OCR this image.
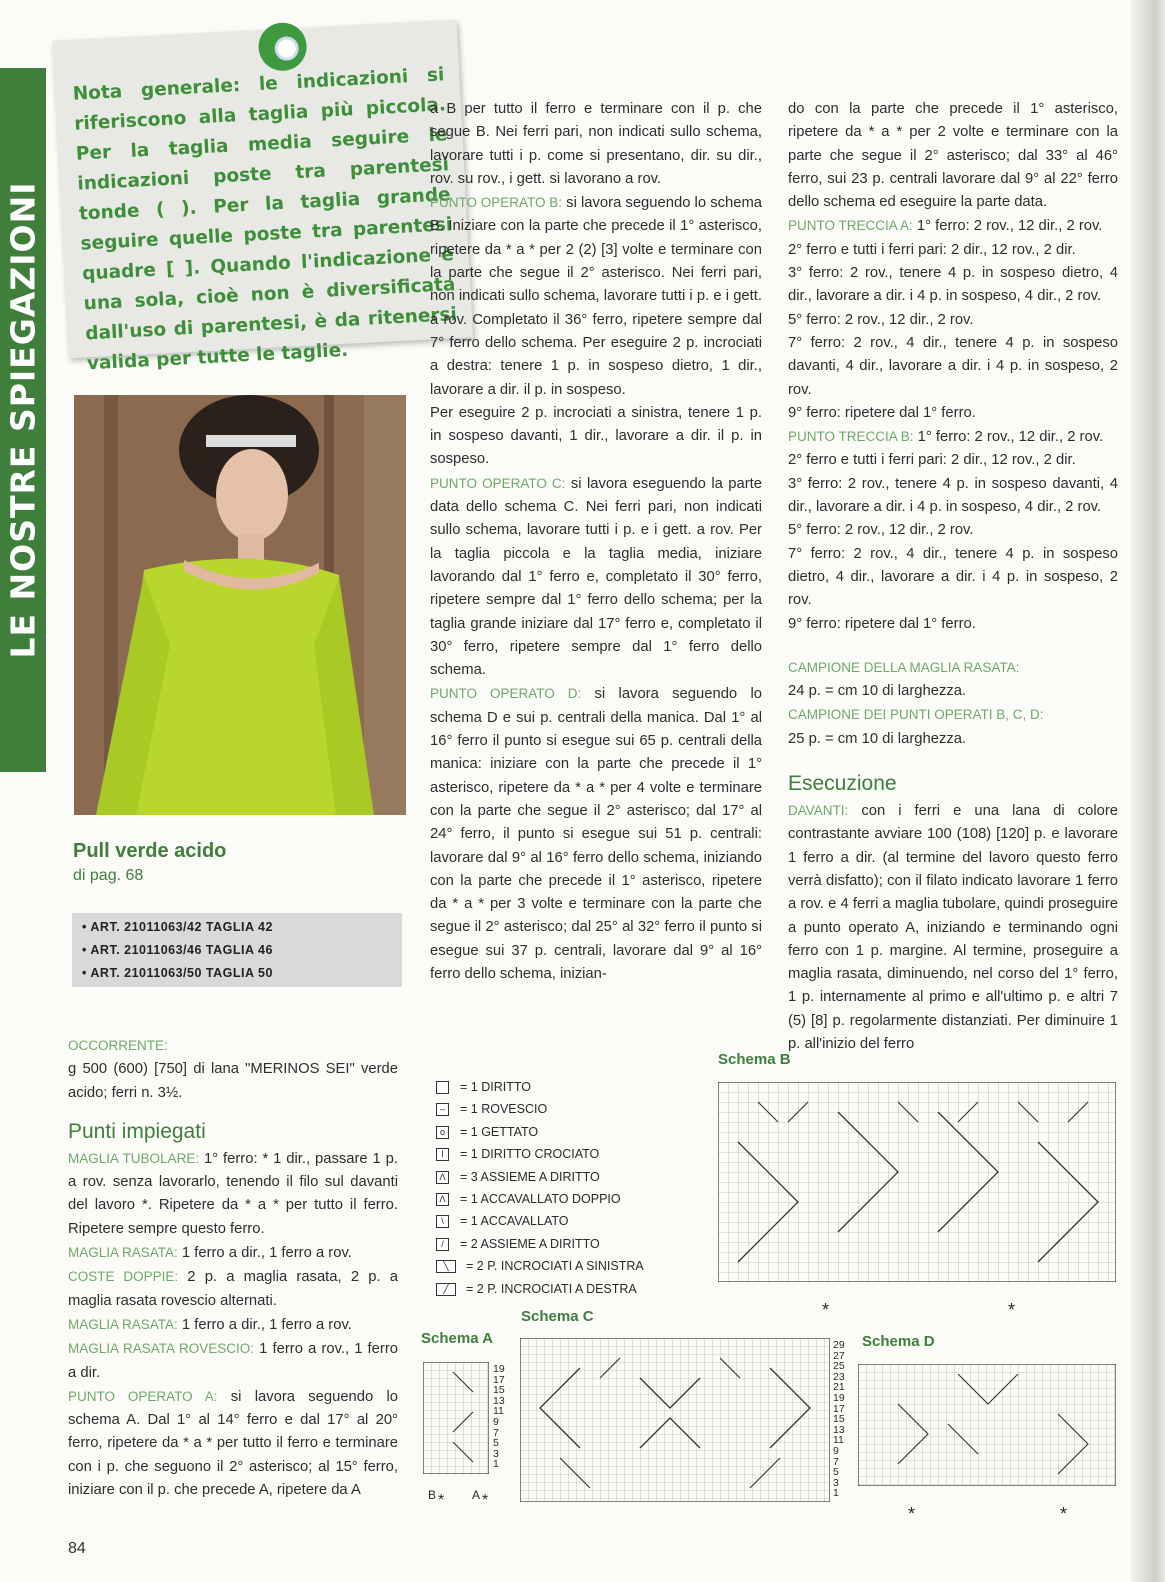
LE NOSTRE SPIEGAZIONI
Nota generale: le indicazioni si riferiscono alla taglia più piccola. Per la taglia media seguire le indicazioni poste tra parentesi tonde ( ). Per la taglia grande seguire quelle poste tra parentesi quadre [ ]. Quando l'indicazione è una sola, cioè non è diversificata dall'uso di parentesi, è da ritenersi valida per tutte le taglie.
Pull verde acido
di pag. 68
• ART. 21011063/42 TAGLIA 42
• ART. 21011063/46 TAGLIA 46
• ART. 21011063/50 TAGLIA 50

OCCORRENTE:

g 500 (600) [750] di lana "MERINOS SEI" verde acido; ferri n. 3½.

Punti impiegati

MAGLIA TUBOLARE: 1° ferro: * 1 dir., passare 1 p. a rov. senza lavorarlo, tenendo il filo sul davanti del lavoro *. Ripetere da * a * per tutto il ferro. Ripetere sempre questo ferro.

MAGLIA RASATA: 1 ferro a dir., 1 ferro a rov.

COSTE DOPPIE: 2 p. a maglia rasata, 2 p. a maglia rasata rovescio alternati.

MAGLIA RASATA: 1 ferro a dir., 1 ferro a rov.

MAGLIA RASATA ROVESCIO: 1 ferro a rov., 1 ferro a dir.

PUNTO OPERATO A: si lavora seguendo lo schema A. Dal 1° al 14° ferro e dal 17° al 20° ferro, ripetere da * a * per tutto il ferro e terminare con i p. che seguono il 2° asterisco; al 15° ferro, iniziare con il p. che precede A, ripetere da A

a B per tutto il ferro e terminare con il p. che segue B. Nei ferri pari, non indicati sullo schema, lavorare tutti i p. come si presentano, dir. su dir., rov. su rov., i gett. si lavorano a rov.

PUNTO OPERATO B: si lavora seguendo lo schema B. Iniziare con la parte che precede il 1° asterisco, ripetere da * a * per 2 (2) [3] volte e terminare con la parte che segue il 2° asterisco. Nei ferri pari, non indicati sullo schema, lavorare tutti i p. e i gett. a rov. Completato il 36° ferro, ripetere sempre dal 7° ferro dello schema. Per eseguire 2 p. incrociati a destra: tenere 1 p. in sospeso dietro, 1 dir., lavorare a dir. il p. in sospeso.

Per eseguire 2 p. incrociati a sinistra, tenere 1 p. in sospeso davanti, 1 dir., lavorare a dir. il p. in sospeso.

PUNTO OPERATO C: si lavora eseguendo la parte data dello schema C. Nei ferri pari, non indicati sullo schema, lavorare tutti i p. e i gett. a rov. Per la taglia piccola e la taglia media, iniziare lavorando dal 1° ferro e, completato il 30° ferro, ripetere sempre dal 1° ferro dello schema; per la taglia grande iniziare dal 17° ferro e, completato il 30° ferro, ripetere sempre dal 1° ferro dello schema.

PUNTO OPERATO D: si lavora seguendo lo schema D e sui p. centrali della manica. Dal 1° al 16° ferro il punto si esegue sui 65 p. centrali della manica: iniziare con la parte che precede il 1° asterisco, ripetere da * a * per 4 volte e terminare con la parte che segue il 2° asterisco; dal 17° al 24° ferro, il punto si esegue sui 51 p. centrali: lavorare dal 9° al 16° ferro dello schema, iniziando con la parte che precede il 1° asterisco, ripetere da * a * per 3 volte e terminare con la parte che segue il 2° asterisco; dal 25° al 32° ferro il punto si esegue sui 37 p. centrali, lavorare dal 9° al 16° ferro dello schema, inizian-

do con la parte che precede il 1° asterisco, ripetere da * a * per 2 volte e terminare con la parte che segue il 2° asterisco; dal 33° al 46° ferro, sui 23 p. centrali lavorare dal 9° al 22° ferro dello schema ed eseguire la parte data.

PUNTO TRECCIA A: 1° ferro: 2 rov., 12 dir., 2 rov.

2° ferro e tutti i ferri pari: 2 dir., 12 rov., 2 dir.

3° ferro: 2 rov., tenere 4 p. in sospeso dietro, 4 dir., lavorare a dir. i 4 p. in sospeso, 4 dir., 2 rov.

5° ferro: 2 rov., 12 dir., 2 rov.

7° ferro: 2 rov., 4 dir., tenere 4 p. in sospeso davanti, 4 dir., lavorare a dir. i 4 p. in sospeso, 2 rov.

9° ferro: ripetere dal 1° ferro.

PUNTO TRECCIA B: 1° ferro: 2 rov., 12 dir., 2 rov.

2° ferro e tutti i ferri pari: 2 dir., 12 rov., 2 dir.

3° ferro: 2 rov., tenere 4 p. in sospeso davanti, 4 dir., lavorare a dir. i 4 p. in sospeso, 4 dir., 2 rov.

5° ferro: 2 rov., 12 dir., 2 rov.

7° ferro: 2 rov., 4 dir., tenere 4 p. in sospeso dietro, 4 dir., lavorare a dir. i 4 p. in sospeso, 2 rov.

9° ferro: ripetere dal 1° ferro.

CAMPIONE DELLA MAGLIA RASATA:

24 p. = cm 10 di larghezza.

CAMPIONE DEI PUNTI OPERATI B, C, D:

25 p. = cm 10 di larghezza.

Esecuzione

DAVANTI: con i ferri e una lana di colore contrastante avviare 100 (108) [120] p. e lavorare 1 ferro a dir. (al termine del lavoro questo ferro verrà disfatto); con il filato indicato lavorare 1 ferro a rov. e 4 ferri a maglia tubolare, quindi proseguire a punto operato A, iniziando e terminando ogni ferro con 1 p. margine. Al termine, proseguire a maglia rasata, diminuendo, nel corso del 1° ferro, 1 p. internamente al primo e all'ultimo p. e altri 7 (5) [8] p. regolarmente distanziati. Per diminuire 1 p. all'inizio del ferro

= 1 DIRITTO
–	= 1 ROVESCIO
o	= 1 GETTATO
I	= 1 DIRITTO CROCIATO
Λ = 3 ASSIEME A DIRITTO
Λ = 1 ACCAVALLATO DOPPIO
\	= 1 ACCAVALLATO
/	= 2 ASSIEME A DIRITTO
╲	= 2 P. INCROCIATI A SINISTRA
╱	= 2 P. INCROCIATI A DESTRA
Schema B
Schema C
Schema A	Schema D
*	*
19
17
15
13
11
9
7
5
3
1
B	A
* *
29
27
25
23
21
19
17
15
13
11
9
7
5
3
1
*	*
84
